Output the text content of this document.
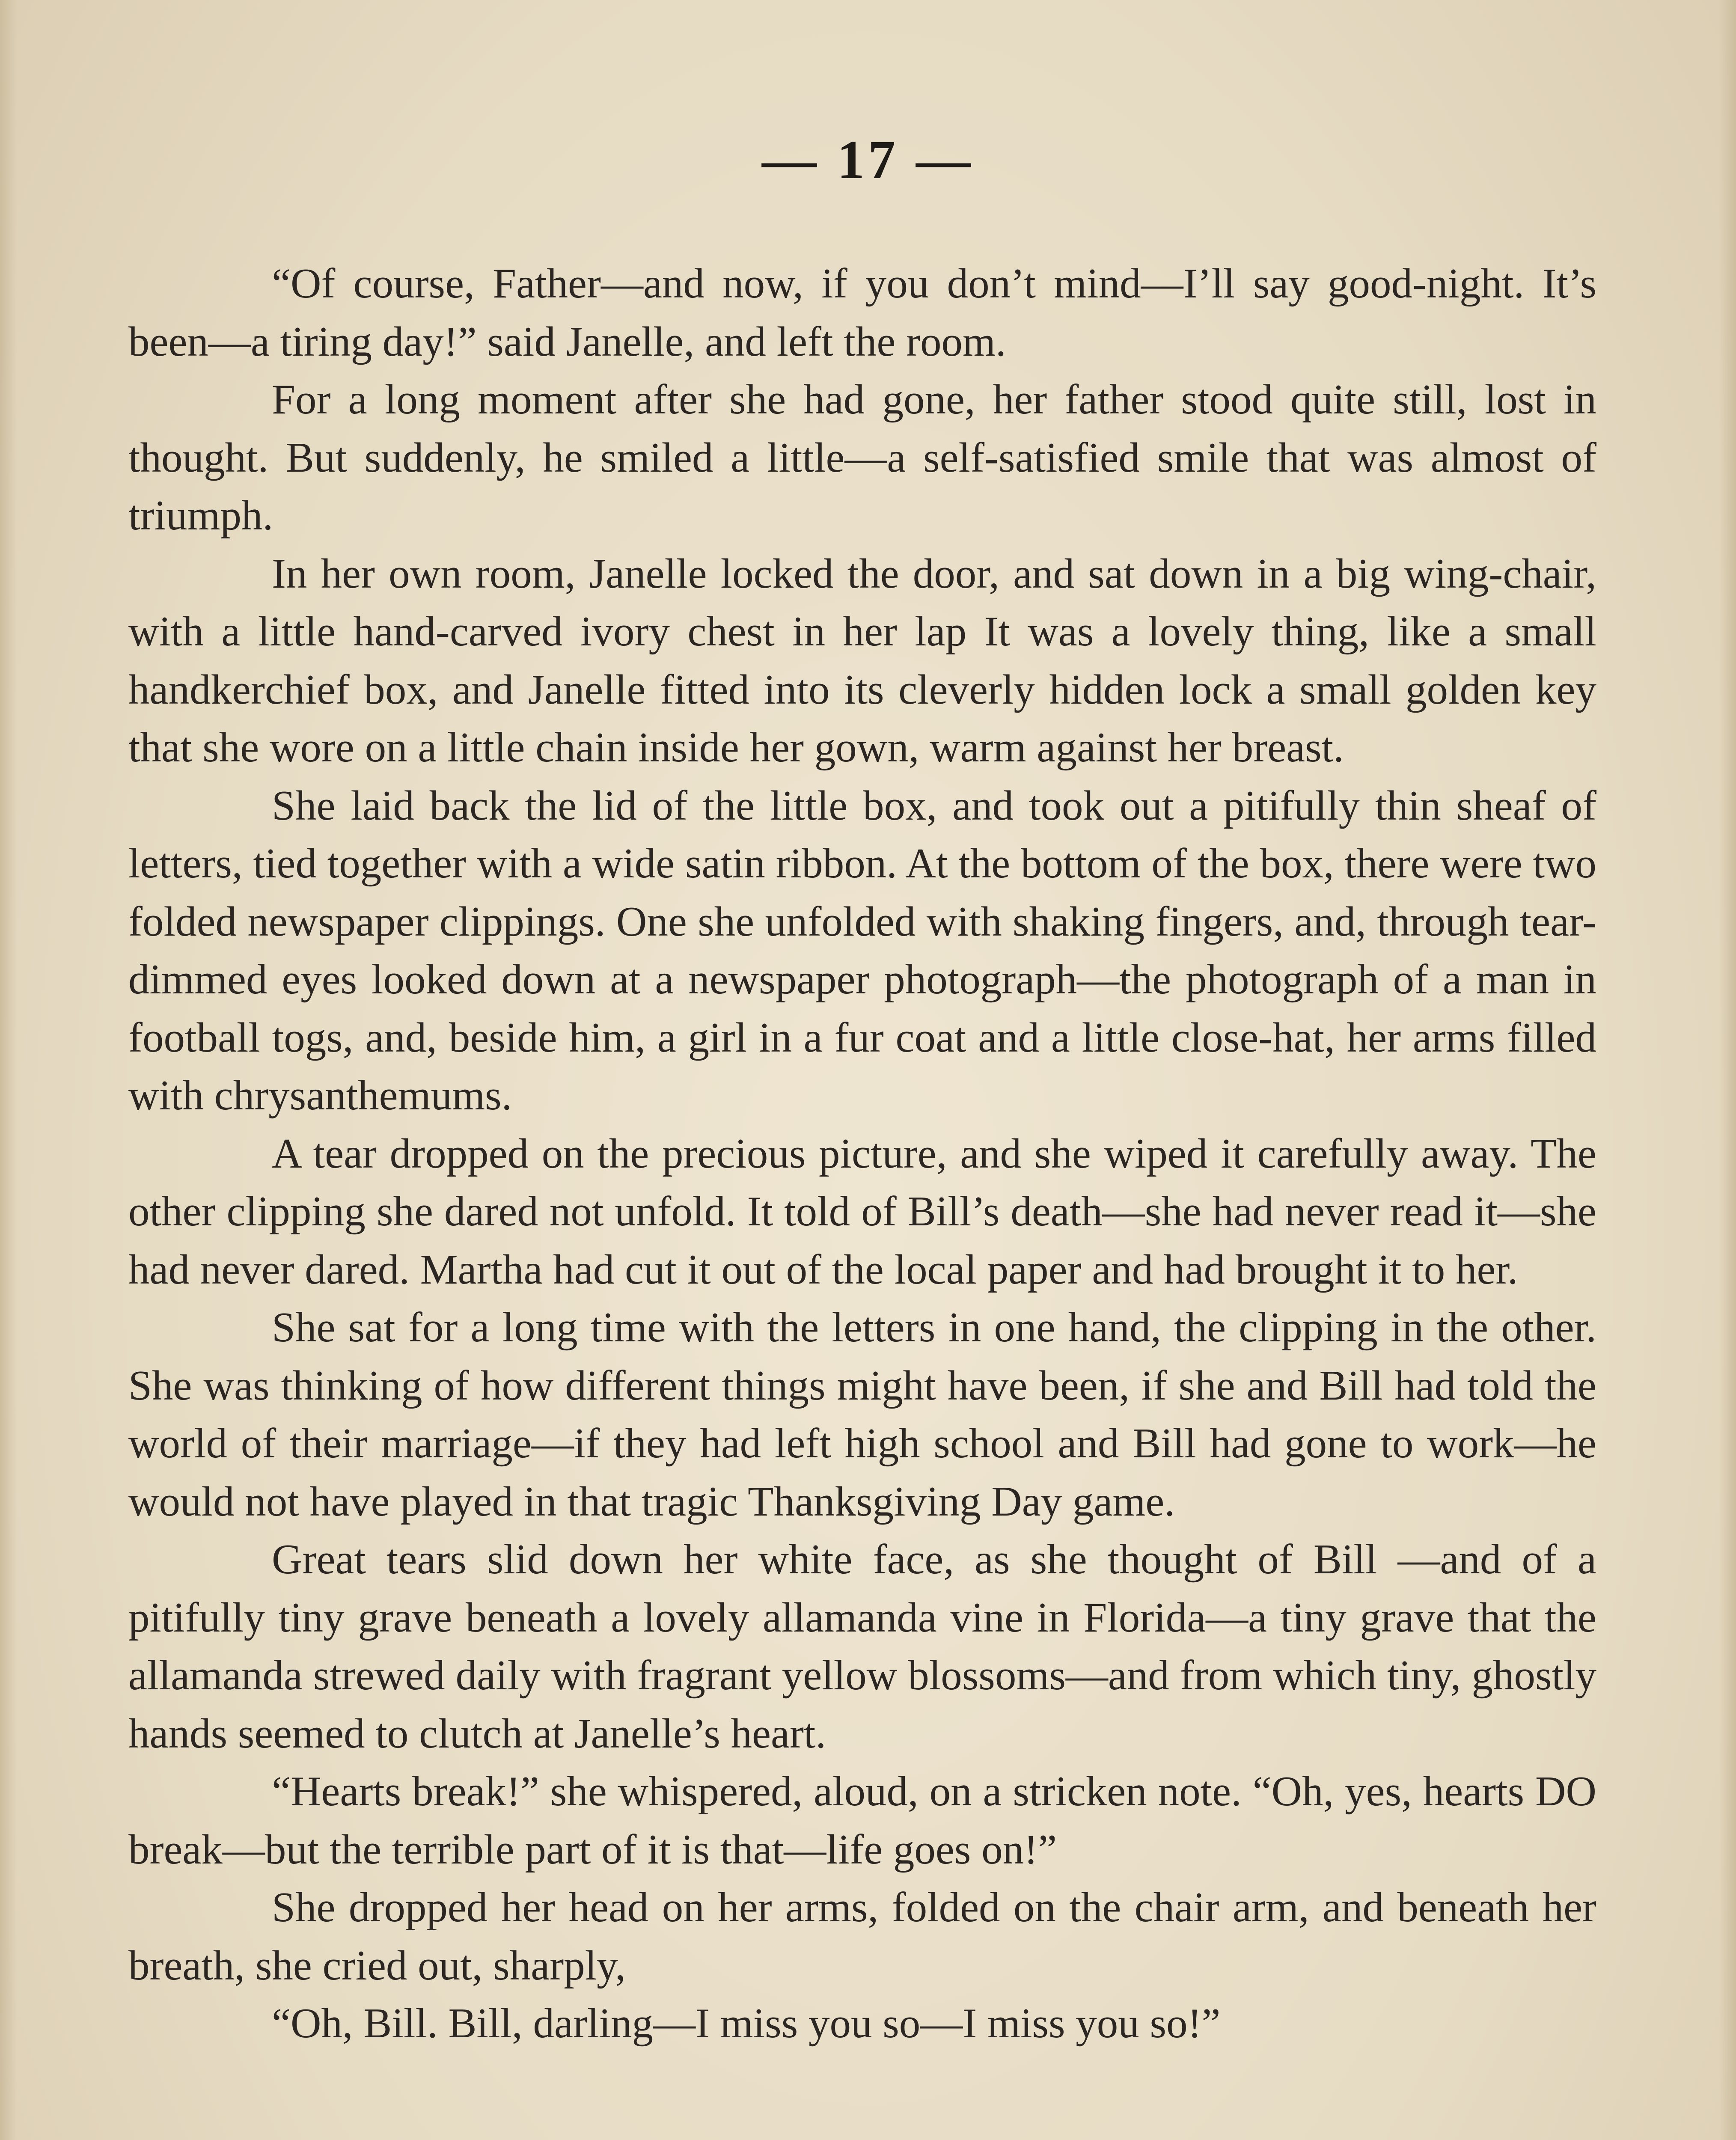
— 17 —

“Of course, Father—and now, if you don’t mind—I’ll say good-night. It’s been—a tiring day!” said Janelle, and left the room.

For a long moment after she had gone, her father stood quite still, lost in thought. But suddenly, he smiled a little—a self-satisfied smile that was almost of triumph.

In her own room, Janelle locked the door, and sat down in a big wing-chair, with a little hand-carved ivory chest in her lap It was a lovely thing, like a small handkerchief box, and Janelle fitted into its cleverly hidden lock a small golden key that she wore on a little chain inside her gown, warm against her breast.

She laid back the lid of the little box, and took out a pitifully thin sheaf of letters, tied together with a wide satin ribbon. At the bottom of the box, there were two folded newspaper clippings. One she unfolded with shaking fingers, and, through tear-dimmed eyes looked down at a newspaper photograph—the photograph of a man in football togs, and, beside him, a girl in a fur coat and a little close-hat, her arms filled with chrysanthemums.

A tear dropped on the precious picture, and she wiped it carefully away. The other clipping she dared not unfold. It told of Bill’s death—she had never read it—she had never dared. Martha had cut it out of the local paper and had brought it to her.

She sat for a long time with the letters in one hand, the clipping in the other. She was thinking of how different things might have been, if she and Bill had told the world of their marriage—if they had left high school and Bill had gone to work—he would not have played in that tragic Thanksgiving Day game.

Great tears slid down her white face, as she thought of Bill —and of a pitifully tiny grave beneath a lovely allamanda vine in Florida—a tiny grave that the allamanda strewed daily with fragrant yellow blossoms—and from which tiny, ghostly hands seemed to clutch at Janelle’s heart.

“Hearts break!” she whispered, aloud, on a stricken note. “Oh, yes, hearts DO break—but the terrible part of it is that—life goes on!”

She dropped her head on her arms, folded on the chair arm, and beneath her breath, she cried out, sharply,

“Oh, Bill. Bill, darling—I miss you so—I miss you so!”
